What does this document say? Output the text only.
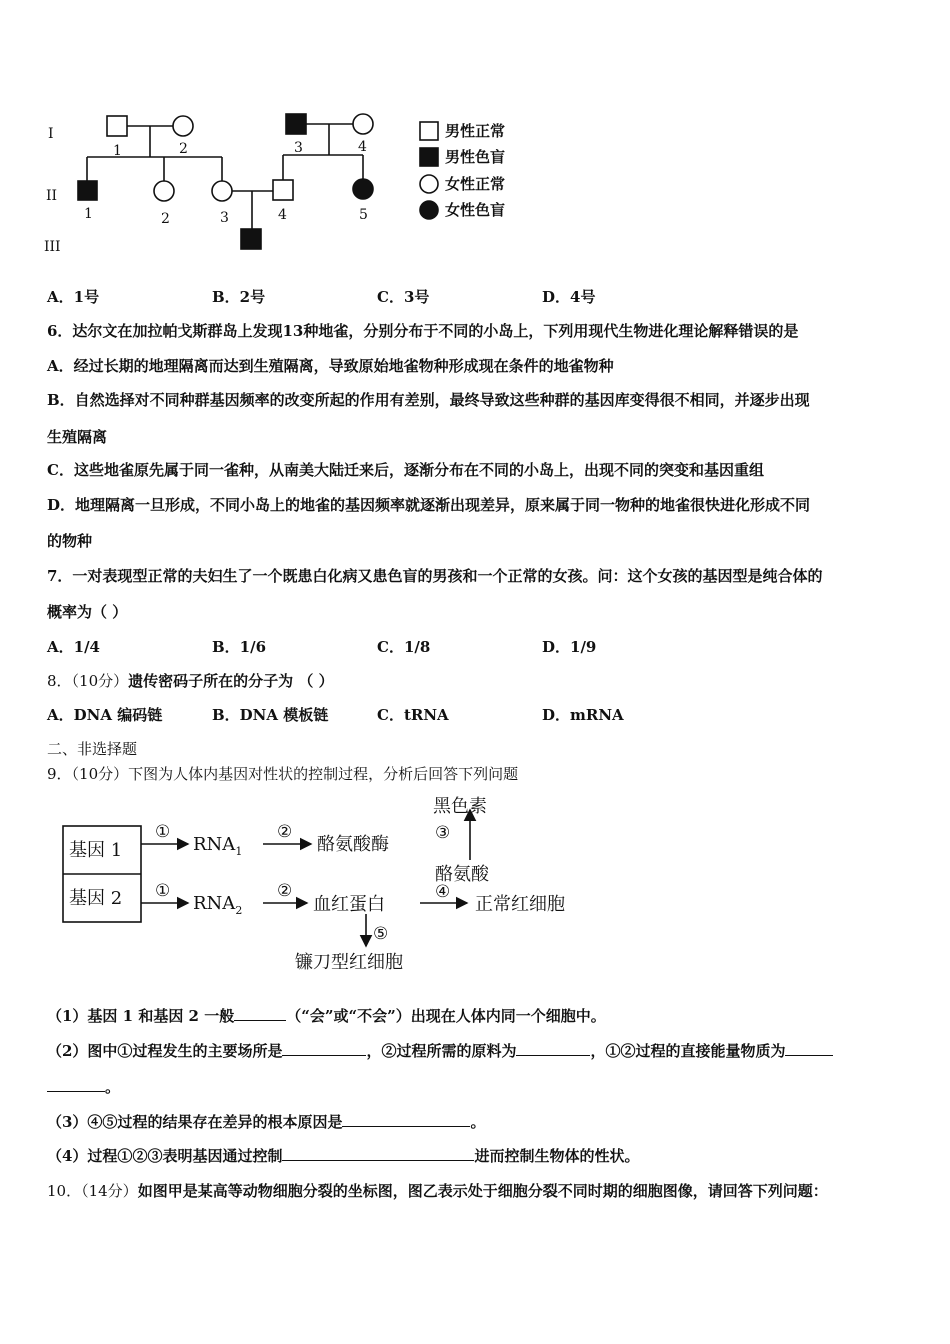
I
II
III
1	2	3	4
1	2	3	4	5
男性正常
男性色盲
女性正常
女性色盲
A．1号	B．2号	C．3号	D．4号
6．达尔文在加拉帕戈斯群岛上发现13种地雀，分别分布于不同的小岛上，下列用现代生物进化理论解释错误的是
A．经过长期的地理隔离而达到生殖隔离，导致原始地雀物种形成现在条件的地雀物种
B．自然选择对不同种群基因频率的改变所起的作用有差别，最终导致这些种群的基因库变得很不相同，并逐步出现
生殖隔离
C．这些地雀原先属于同一雀种，从南美大陆迁来后，逐渐分布在不同的小岛上，出现不同的突变和基因重组
D．地理隔离一旦形成，不同小岛上的地雀的基因频率就逐渐出现差异，原来属于同一物种的地雀很快进化形成不同
的物种
7．一对表现型正常的夫妇生了一个既患白化病又患色盲的男孩和一个正常的女孩。问：这个女孩的基因型是纯合体的
概率为（ ）
A．1/4	B．1/6	C．1/8	D．1/9
8．（10分）遗传密码子所在的分子为 （ ）
A．DNA 编码链	B．DNA 模板链	C．tRNA	D．mRNA
二、非选择题
9．（10分）下图为人体内基因对性状的控制过程，分析后回答下列问题
基因 1
基因 2
$RNA_1$
$RNA_2$
酪氨酸酶
黑色素
酪氨酸
血红蛋白	正常红细胞
镰刀型红细胞
①	②	③
①	②	④
⑤
（1）基因 1 和基因 2 一般	（“会”或“不会”）出现在人体内同一个细胞中。
（2）图中①过程发生的主要场所是	，②过程所需的原料为	，①②过程的直接能量物质为
。
（3）④⑤过程的结果存在差异的根本原因是	。
（4）过程①②③表明基因通过控制	进而控制生物体的性状。
10．（14分）如图甲是某高等动物细胞分裂的坐标图，图乙表示处于细胞分裂不同时期的细胞图像，请回答下列问题：
